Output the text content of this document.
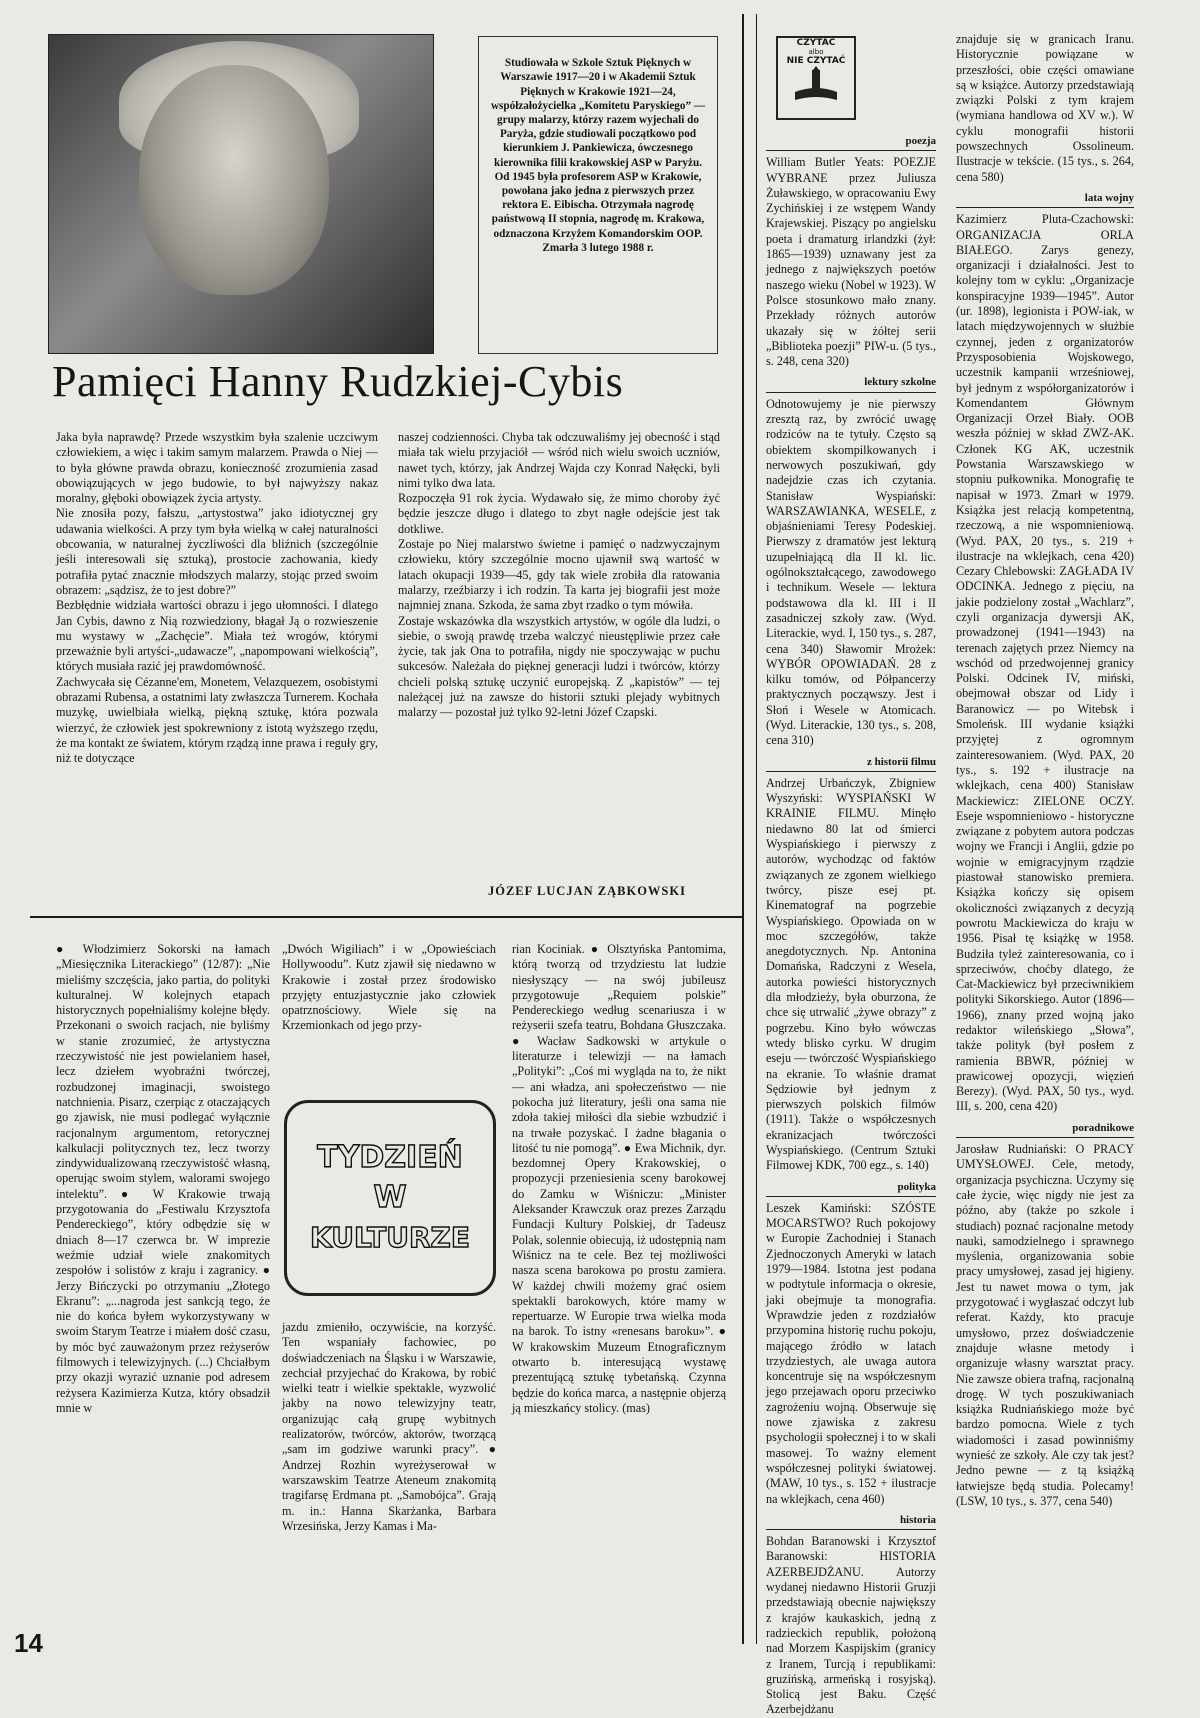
Studiowała w Szkole Sztuk Pięknych w Warszawie 1917—20 i w Akademii Sztuk Pięknych w Krakowie 1921—24, współzałożycielka „Komitetu Paryskiego” — grupy malarzy, którzy razem wyjechali do Paryża, gdzie studiowali początkowo pod kierunkiem J. Pankiewicza, ówczesnego kierownika filii krakowskiej ASP w Paryżu. Od 1945 była profesorem ASP w Krakowie, powołana jako jedna z pierwszych przez rektora E. Eibischa. Otrzymała nagrodę państwową II stopnia, nagrodę m. Krakowa, odznaczona Krzyżem Komandorskim OOP. Zmarła 3 lutego 1988 r.

Pamięci Hanny Rudzkiej-Cybis

Jaka była naprawdę? Przede wszystkim była szalenie uczciwym człowiekiem, a więc i takim samym malarzem. Prawda o Niej — to była główne prawda obrazu, konieczność zrozumienia zasad obowiązujących w jego budowie, to był najwyższy nakaz moralny, głęboki obowiązek życia artysty.

Nie znosiła pozy, fałszu, „artystostwa” jako idiotycznej gry udawania wielkości. A przy tym była wielką w całej naturalności obcowania, w naturalnej życzliwości dla bliźnich (szczególnie jeśli interesowali się sztuką), prostocie zachowania, kiedy potrafiła pytać znacznie młodszych malarzy, stojąc przed swoim obrazem: „sądzisz, że to jest dobre?”

Bezbłędnie widziała wartości obrazu i jego ułomności. I dlatego Jan Cybis, dawno z Nią rozwiedziony, błagał Ją o rozwieszenie mu wystawy w „Zachęcie”. Miała też wrogów, którymi przeważnie byli artyści-„udawacze”, „napompowani wielkością”, których musiała razić jej prawdomówność.

Zachwycała się Cézanne'em, Monetem, Velazquezem, osobistymi obrazami Rubensa, a ostatnimi laty zwłaszcza Turnerem. Kochała muzykę, uwielbiała wielką, piękną sztukę, która pozwala wierzyć, że człowiek jest spokrewniony z istotą wyższego rzędu, że ma kontakt ze światem, którym rządzą inne prawa i reguły gry, niż te dotyczące

naszej codzienności. Chyba tak odczuwaliśmy jej obecność i stąd miała tak wielu przyjaciół — wśród nich wielu swoich uczniów, nawet tych, którzy, jak Andrzej Wajda czy Konrad Nałęcki, byli nimi tylko dwa lata.

Rozpoczęła 91 rok życia. Wydawało się, że mimo choroby żyć będzie jeszcze długo i dlatego to zbyt nagłe odejście jest tak dotkliwe.

Zostaje po Niej malarstwo świetne i pamięć o nadzwyczajnym człowieku, który szczególnie mocno ujawnił swą wartość w latach okupacji 1939—45, gdy tak wiele zrobiła dla ratowania malarzy, rzeźbiarzy i ich rodzin. Ta karta jej biografii jest może najmniej znana. Szkoda, że sama zbyt rzadko o tym mówiła.

Zostaje wskazówka dla wszystkich artystów, w ogóle dla ludzi, o siebie, o swoją prawdę trzeba walczyć nieustępliwie przez całe życie, tak jak Ona to potrafiła, nigdy nie spoczywając w puchu sukcesów. Należała do pięknej generacji ludzi i twórców, którzy chcieli polską sztukę uczynić europejską. Z „kapistów” — tej należącej już na zawsze do historii sztuki plejady wybitnych malarzy — pozostał już tylko 92-letni Józef Czapski.

JÓZEF LUCJAN ZĄBKOWSKI
● Włodzimierz Sokorski na łamach „Miesięcznika Literackiego” (12/87): „Nie mieliśmy szczęścia, jako partia, do polityki kulturalnej. W kolejnych etapach historycznych popełnialiśmy kolejne błędy. Przekonani o swoich racjach, nie byliśmy w stanie zrozumieć, że artystyczna rzeczywistość nie jest powielaniem haseł, lecz dziełem wyobraźni twórczej, rozbudzonej imaginacji, swoistego natchnienia. Pisarz, czerpiąc z otaczających go zjawisk, nie musi podlegać wyłącznie racjonalnym argumentom, retorycznej kalkulacji politycznych tez, lecz tworzy zindywidualizowaną rzeczywistość własną, operując swoim stylem, walorami swojego intelektu”. ● W Krakowie trwają przygotowania do „Festiwalu Krzysztofa Pendereckiego”, który odbędzie się w dniach 8—17 czerwca br. W imprezie weźmie udział wiele znakomitych zespołów i solistów z kraju i zagranicy. ● Jerzy Bińczycki po otrzymaniu „Złotego Ekranu”: „...nagroda jest sankcją tego, że nie do końca byłem wykorzystywany w swoim Starym Teatrze i miałem dość czasu, by móc być zauważonym przez reżyserów filmowych i telewizyjnych. (...) Chciałbym przy okazji wyrazić uznanie pod adresem reżysera Kazimierza Kutza, który obsadził mnie w
„Dwóch Wigiliach” i w „Opowieściach Hollywoodu”. Kutz zjawił się niedawno w Krakowie i został przez środowisko przyjęty entuzjastycznie jako człowiek opatrznościowy. Wiele się na Krzemionkach od jego przy-
TYDZIEŃ
W
KULTURZE
jazdu zmieniło, oczywiście, na korzyść. Ten wspaniały fachowiec, po doświadczeniach na Śląsku i w Warszawie, zechciał przyjechać do Krakowa, by robić wielki teatr i wielkie spektakle, wyzwolić jakby na nowo telewizyjny teatr, organizując całą grupę wybitnych realizatorów, twórców, aktorów, tworzącą „sam im godziwe warunki pracy”. ● Andrzej Rozhin wyreżyserował w warszawskim Teatrze Ateneum znakomitą tragifarsę Erdmana pt. „Samobójca”. Grają m. in.: Hanna Skarżanka, Barbara Wrzesińska, Jerzy Kamas i Ma-
rian Kociniak. ● Olsztyńska Pantomima, którą tworzą od trzydziestu lat ludzie niesłyszący — na swój jubileusz przygotowuje „Requiem polskie” Pendereckiego według scenariusza i w reżyserii szefa teatru, Bohdana Głuszczaka. ● Wacław Sadkowski w artykule o literaturze i telewizji — na łamach „Polityki”: „Coś mi wygląda na to, że nikt — ani władza, ani społeczeństwo — nie pokocha już literatury, jeśli ona sama nie zdoła takiej miłości dla siebie wzbudzić i na trwałe pozyskać. I żadne błagania o litość tu nie pomogą”. ● Ewa Michnik, dyr. bezdomnej Opery Krakowskiej, o propozycji przeniesienia sceny barokowej do Zamku w Wiśniczu: „Minister Aleksander Krawczuk oraz prezes Zarządu Fundacji Kultury Polskiej, dr Tadeusz Polak, solennie obiecują, iż udostępnią nam Wiśnicz na te cele. Bez tej możliwości nasza scena barokowa po prostu zamiera. W każdej chwili możemy grać osiem spektakli barokowych, które mamy w repertuarze. W Europie trwa wielka moda na barok. To istny «renesans baroku»”. ● W krakowskim Muzeum Etnograficznym otwarto b. interesującą wystawę prezentującą sztukę tybetańską. Czynna będzie do końca marca, a następnie objerzą ją mieszkańcy stolicy. (mas)
14
CZYTAĆ
albo
NIE CZYTAĆ
poezja

William Butler Yeats: POEZJE WYBRANE przez Juliusza Żuławskiego, w opracowaniu Ewy Zychińskiej i ze wstępem Wandy Krajewskiej. Piszący po angielsku poeta i dramaturg irlandzki (żył: 1865—1939) uznawany jest za jednego z największych poetów naszego wieku (Nobel w 1923). W Polsce stosunkowo mało znany. Przekłady różnych autorów ukazały się w żółtej serii „Biblioteka poezji” PIW-u. (5 tys., s. 248, cena 320)

lektury szkolne

Odnotowujemy je nie pierwszy zresztą raz, by zwrócić uwagę rodziców na te tytuły. Często są obiektem skompilkowanych i nerwowych poszukiwań, gdy nadejdzie czas ich czytania. Stanisław Wyspiański: WARSZAWIANKA, WESELE, z objaśnieniami Teresy Podeskiej. Pierwszy z dramatów jest lekturą uzupełniającą dla II kl. lic. ogólnokształcącego, zawodowego i technikum. Wesele — lektura podstawowa dla kl. III i II zasadniczej szkoły zaw. (Wyd. Literackie, wyd. I, 150 tys., s. 287, cena 340) Sławomir Mrożek: WYBÓR OPOWIADAŃ. 28 z kilku tomów, od Półpancerzy praktycznych począwszy. Jest i Słoń i Wesele w Atomicach. (Wyd. Literackie, 130 tys., s. 208, cena 310)

z historii filmu

Andrzej Urbańczyk, Zbigniew Wyszyński: WYSPIAŃSKI W KRAINIE FILMU. Minęło niedawno 80 lat od śmierci Wyspiańskiego i pierwszy z autorów, wychodząc od faktów związanych ze zgonem wielkiego twórcy, pisze esej pt. Kinematograf na pogrzebie Wyspiańskiego. Opowiada on w moc szczegółów, także anegdotycznych. Np. Antonina Domańska, Radczyni z Wesela, autorka powieści historycznych dla młodzieży, była oburzona, że chce się utrwalić „żywe obrazy” z pogrzebu. Kino było wówczas wtedy blisko cyrku. W drugim eseju — twórczość Wyspiańskiego na ekranie. To właśnie dramat Sędziowie był jednym z pierwszych polskich filmów (1911). Także o współczesnych ekranizacjach twórczości Wyspiańskiego. (Centrum Sztuki Filmowej KDK, 700 egz., s. 140)

polityka

Leszek Kamiński: SZÓSTE MOCARSTWO? Ruch pokojowy w Europie Zachodniej i Stanach Zjednoczonych Ameryki w latach 1979—1984. Istotna jest podana w podtytule informacja o okresie, jaki obejmuje ta monografia. Wprawdzie jeden z rozdziałów przypomina historię ruchu pokoju, mającego źródło w latach trzydziestych, ale uwaga autora koncentruje się na współczesnym jego przejawach oporu przeciwko zagrożeniu wojną. Obserwuje się nowe zjawiska z zakresu psychologii społecznej i to w skali masowej. To ważny element współczesnej polityki światowej. (MAW, 10 tys., s. 152 + ilustracje na wklejkach, cena 460)

historia

Bohdan Baranowski i Krzysztof Baranowski: HISTORIA AZERBEJDŻANU. Autorzy wydanej niedawno Historii Gruzji przedstawiają obecnie największy z krajów kaukaskich, jedną z radzieckich republik, położoną nad Morzem Kaspijskim (granicy z Iranem, Turcją i republikami: gruzińską, armeńską i rosyjską). Stolicą jest Baku. Część Azerbejdżanu

znajduje się w granicach Iranu. Historycznie powiązane w przeszłości, obie części omawiane są w książce. Autorzy przedstawiają związki Polski z tym krajem (wymiana handlowa od XV w.). W cyklu monografii historii powszechnych Ossolineum. Ilustracje w tekście. (15 tys., s. 264, cena 580)

lata wojny

Kazimierz Pluta-Czachowski: ORGANIZACJA ORLA BIAŁEGO. Zarys genezy, organizacji i działalności. Jest to kolejny tom w cyklu: „Organizacje konspiracyjne 1939—1945”. Autor (ur. 1898), legionista i POW-iak, w latach międzywojennych w służbie czynnej, jeden z organizatorów Przysposobienia Wojskowego, uczestnik kampanii wrześniowej, był jednym z współorganizatorów i Komendantem Głównym Organizacji Orzeł Biały. OOB weszła później w skład ZWZ-AK. Członek KG AK, uczestnik Powstania Warszawskiego w stopniu pułkownika. Monografię te napisał w 1973. Zmarł w 1979. Książka jest relacją kompetentną, rzeczową, a nie wspomnieniową. (Wyd. PAX, 20 tys., s. 219 + ilustracje na wklejkach, cena 420) Cezary Chlebowski: ZAGŁADA IV ODCINKA. Jednego z pięciu, na jakie podzielony został „Wachlarz”, czyli organizacja dywersji AK, prowadzonej (1941—1943) na terenach zajętych przez Niemcy na wschód od przedwojennej granicy Polski. Odcinek IV, miński, obejmował obszar od Lidy i Baranowicz — po Witebsk i Smoleńsk. III wydanie książki przyjętej z ogromnym zainteresowaniem. (Wyd. PAX, 20 tys., s. 192 + ilustracje na wklejkach, cena 400) Stanisław Mackiewicz: ZIELONE OCZY. Eseje wspomnieniowo - historyczne związane z pobytem autora podczas wojny we Francji i Anglii, gdzie po wojnie w emigracyjnym rządzie piastował stanowisko premiera. Książka kończy się opisem okoliczności związanych z decyzją powrotu Mackiewicza do kraju w 1956. Pisał tę książkę w 1958. Budziła tyleż zainteresowania, co i sprzeciwów, choćby dlatego, że Cat-Mackiewicz był przeciwnikiem polityki Sikorskiego. Autor (1896—1966), znany przed wojną jako redaktor wileńskiego „Słowa”, także polityk (był posłem z ramienia BBWR, później w prawicowej opozycji, więzień Berezy). (Wyd. PAX, 50 tys., wyd. III, s. 200, cena 420)

poradnikowe

Jarosław Rudniański: O PRACY UMYSŁOWEJ. Cele, metody, organizacja psychiczna. Uczymy się całe życie, więc nigdy nie jest za późno, aby (także po szkole i studiach) poznać racjonalne metody nauki, samodzielnego i sprawnego myślenia, organizowania sobie pracy umysłowej, zasad jej higieny. Jest tu nawet mowa o tym, jak przygotować i wygłaszać odczyt lub referat. Każdy, kto pracuje umysłowo, przez doświadczenie znajduje własne metody i organizuje własny warsztat pracy. Nie zawsze obiera trafną, racjonalną drogę. W tych poszukiwaniach książka Rudniańskiego może być bardzo pomocna. Wiele z tych wiadomości i zasad powinniśmy wynieść ze szkoły. Ale czy tak jest? Jedno pewne — z tą książką łatwiejsze będą studia. Polecamy! (LSW, 10 tys., s. 377, cena 540)
